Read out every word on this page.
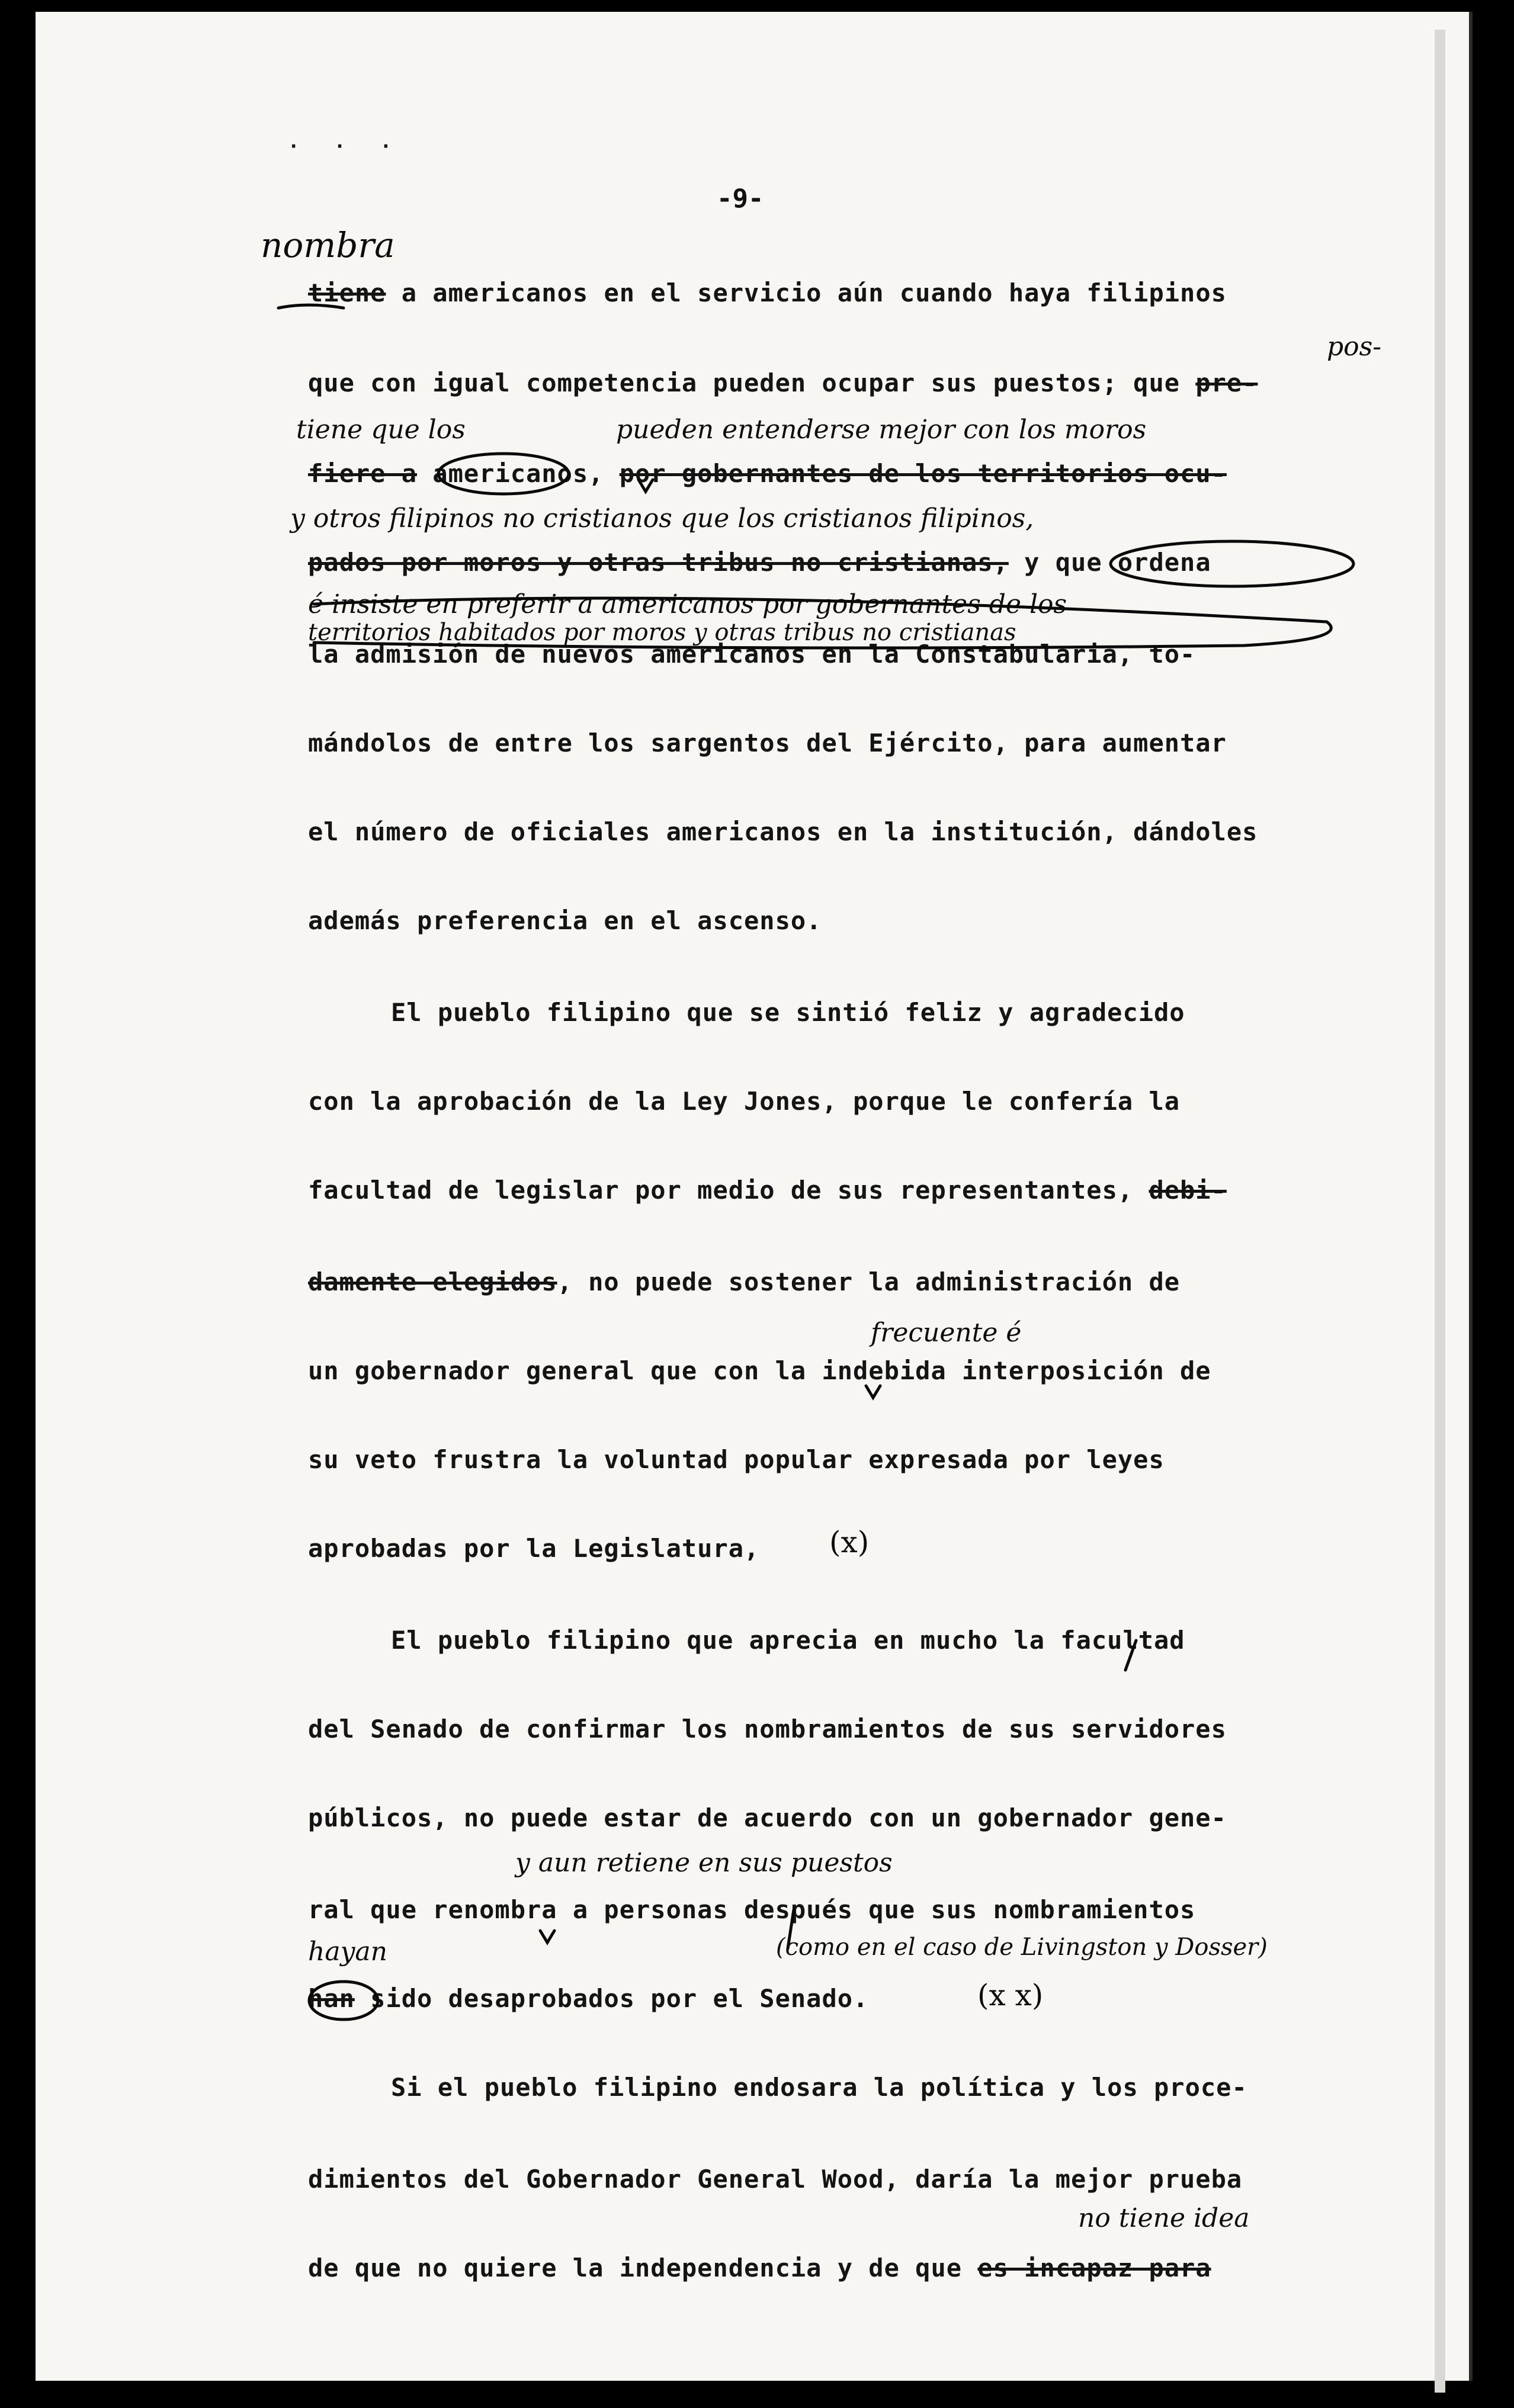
· · ·
-9-
tiene a americanos en el servicio aún cuando haya filipinos
que con igual competencia pueden ocupar sus puestos; que pre-
fiere a americanos, por gobernantes de los territorios ocu-
pados por moros y otras tribus no cristianas, y que ordena
la admisión de nuevos americanos en la Constabularia, to-
mándolos de entre los sargentos del Ejército, para aumentar
el número de oficiales americanos en la institución, dándoles
además preferencia en el ascenso.
El pueblo filipino que se sintió feliz y agradecido
con la aprobación de la Ley Jones, porque le confería la
facultad de legislar por medio de sus representantes, debi-
damente elegidos, no puede sostener la administración de
un gobernador general que con la indebida interposición de
su veto frustra la voluntad popular expresada por leyes
aprobadas por la Legislatura,
El pueblo filipino que aprecia en mucho la facultad
del Senado de confirmar los nombramientos de sus servidores
públicos, no puede estar de acuerdo con un gobernador gene-
ral que renombra a personas después que sus nombramientos
han sido desaprobados por el Senado.
Si el pueblo filipino endosara la política y los proce-
dimientos del Gobernador General Wood, daría la mejor prueba
de que no quiere la independencia y de que es incapaz para
nombra
pos-
tiene que los	pueden entenderse mejor con los moros
y otros filipinos no cristianos que los cristianos filipinos,
é insiste en preferir a americanos por gobernantes de los
territorios habitados por moros y otras tribus no cristianas
frecuente é
(x)
y aun retiene en sus puestos
(como en el caso de Livingston y Dosser)
hayan
(x x)
no tiene idea
